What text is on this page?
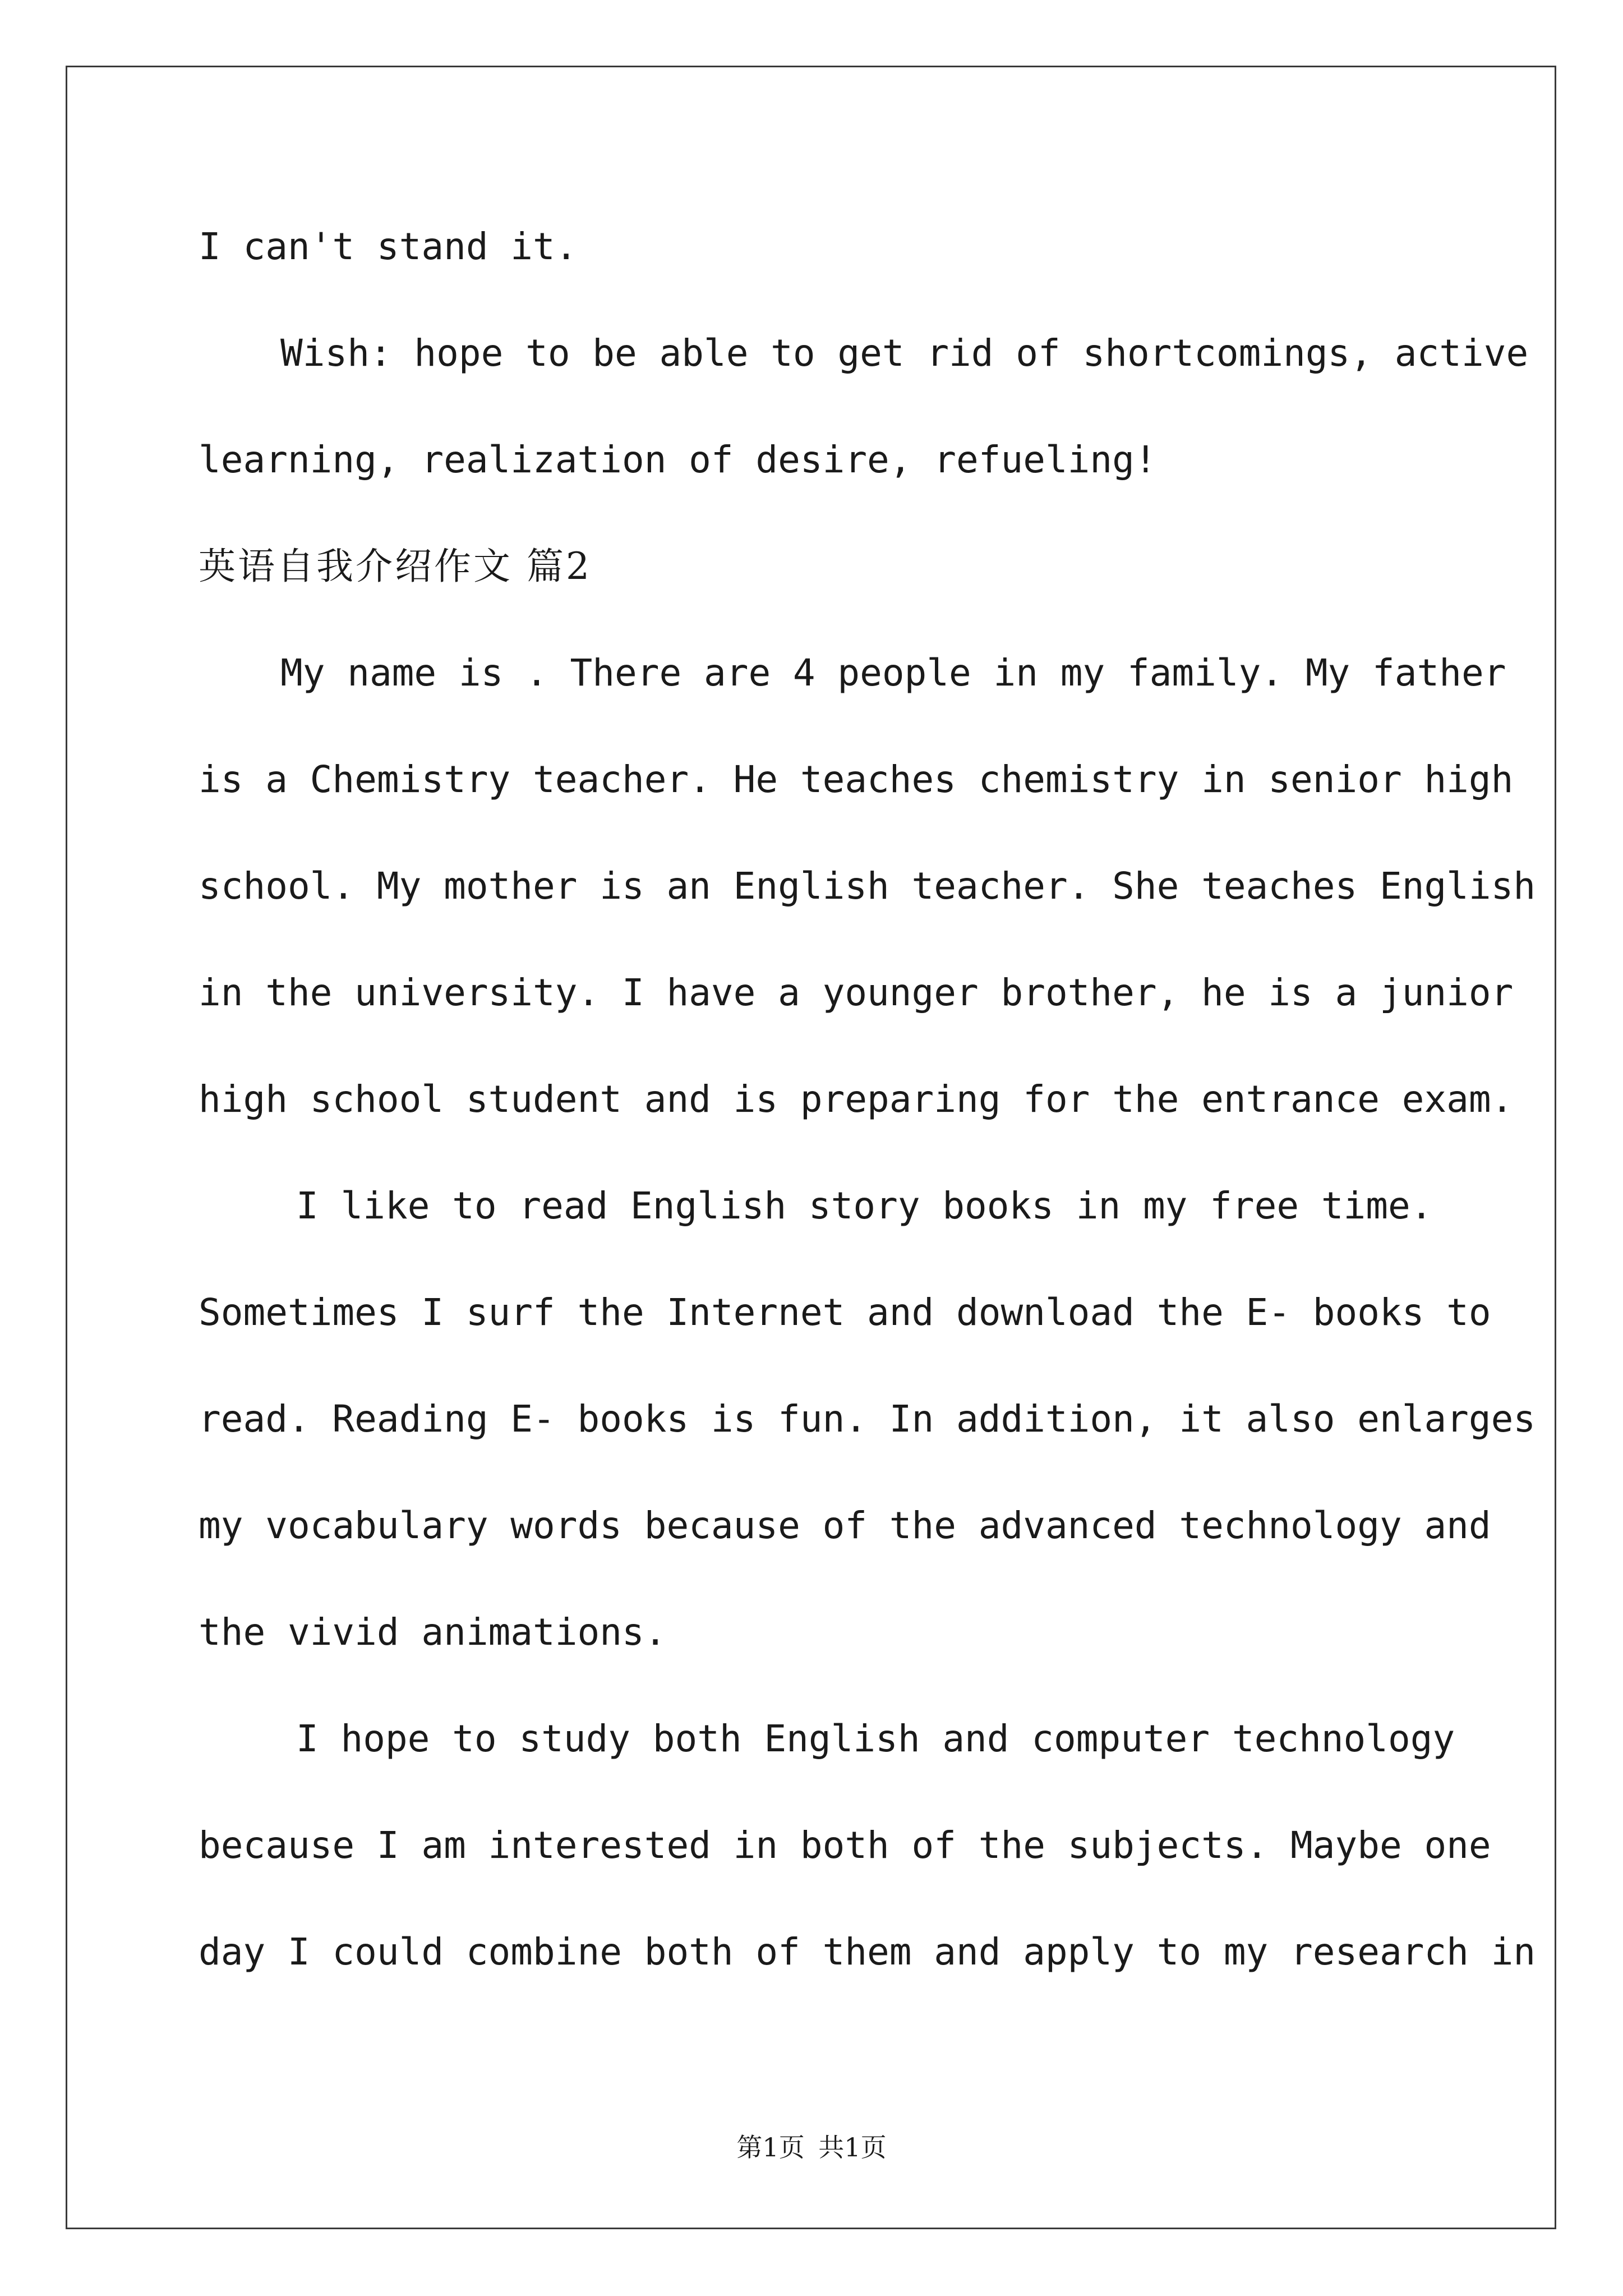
I can't stand it.
Wish: hope to be able to get rid of shortcomings, active
learning, realization of desire, refueling!
英语自我介绍作文 篇2
My name is . There are 4 people in my family. My father
is a Chemistry teacher. He teaches chemistry in senior high
school. My mother is an English teacher. She teaches English
in the university. I have a younger brother, he is a junior
high school student and is preparing for the entrance exam.
I like to read English story books in my free time.
Sometimes I surf the Internet and download the E- books to
read. Reading E- books is fun. In addition, it also enlarges
my vocabulary words because of the advanced technology and
the vivid animations.
I hope to study both English and computer technology
because I am interested in both of the subjects. Maybe one
day I could combine both of them and apply to my research in
第1页 共1页
